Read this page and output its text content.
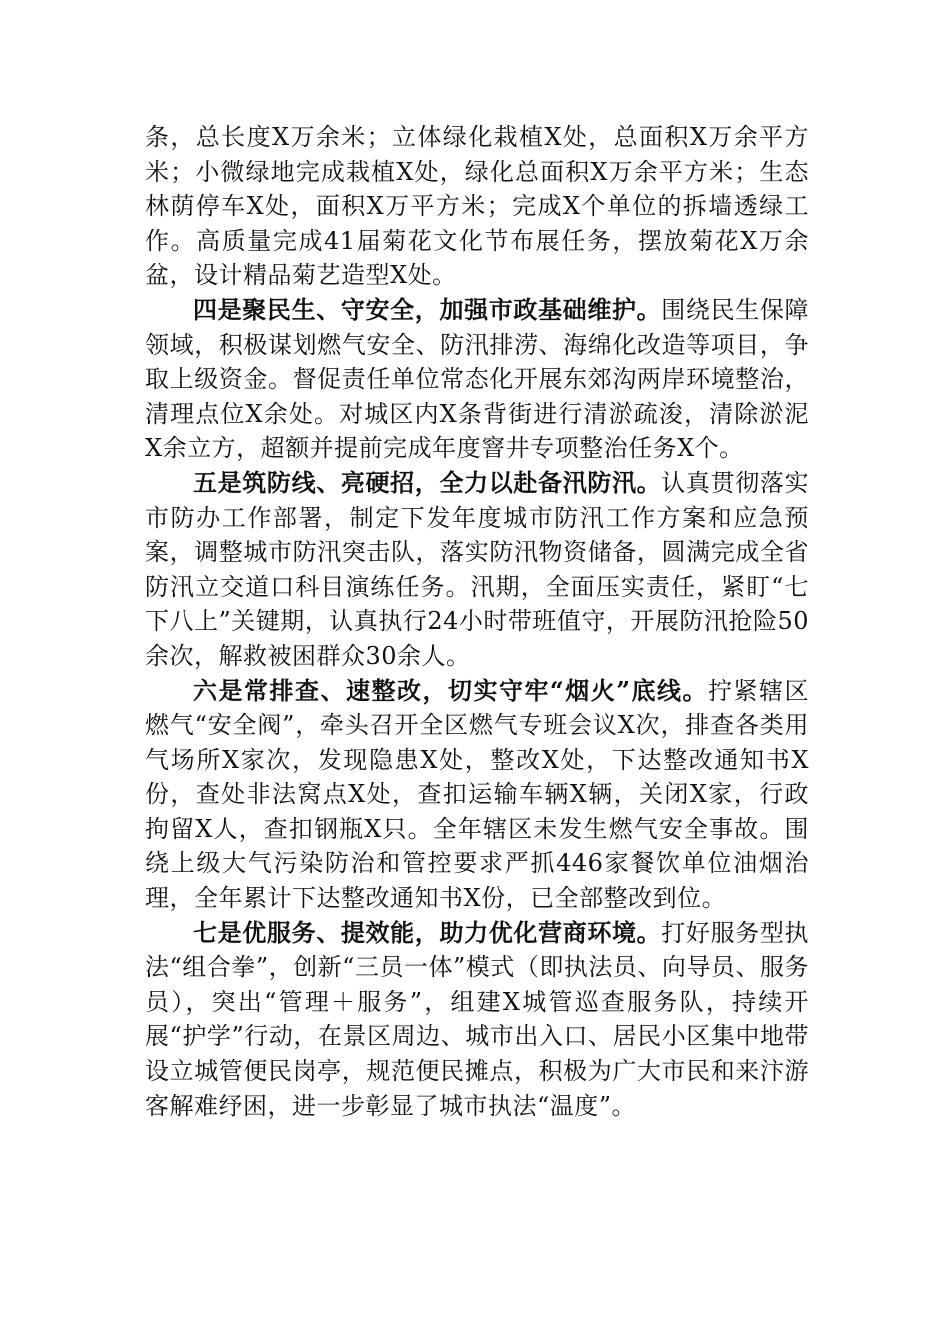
条，总长度X万余米；立体绿化栽植X处，总面积X万余平方米；小微绿地完成栽植X处，绿化总面积X万余平方米；生态林荫停车X处，面积X万平方米；完成X个单位的拆墙透绿工作。高质量完成41届菊花文化节布展任务，摆放菊花X万余盆，设计精品菊艺造型X处。

四是聚民生、守安全，加强市政基础维护。围绕民生保障领域，积极谋划燃气安全、防汛排涝、海绵化改造等项目，争取上级资金。督促责任单位常态化开展东郊沟两岸环境整治，清理点位X余处。对城区内X条背街进行清淤疏浚，清除淤泥X余立方，超额并提前完成年度窨井专项整治任务X个。

五是筑防线、亮硬招，全力以赴备汛防汛。认真贯彻落实市防办工作部署，制定下发年度城市防汛工作方案和应急预案，调整城市防汛突击队，落实防汛物资储备，圆满完成全省防汛立交道口科目演练任务。汛期，全面压实责任，紧盯“七下八上”关键期，认真执行24小时带班值守，开展防汛抢险50余次，解救被困群众30余人。

六是常排查、速整改，切实守牢“烟火”底线。拧紧辖区燃气“安全阀”，牵头召开全区燃气专班会议X次，排查各类用气场所X家次，发现隐患X处，整改X处，下达整改通知书X份，查处非法窝点X处，查扣运输车辆X辆，关闭X家，行政拘留X人，查扣钢瓶X只。全年辖区未发生燃气安全事故。围绕上级大气污染防治和管控要求严抓446家餐饮单位油烟治理，全年累计下达整改通知书X份，已全部整改到位。

七是优服务、提效能，助力优化营商环境。打好服务型执法“组合拳”，创新“三员一体”模式（即执法员、向导员、服务员），突出“管理＋服务”，组建X城管巡查服务队，持续开展“护学”行动，在景区周边、城市出入口、居民小区集中地带设立城管便民岗亭，规范便民摊点，积极为广大市民和来汴游客解难纾困，进一步彰显了城市执法“温度”。
